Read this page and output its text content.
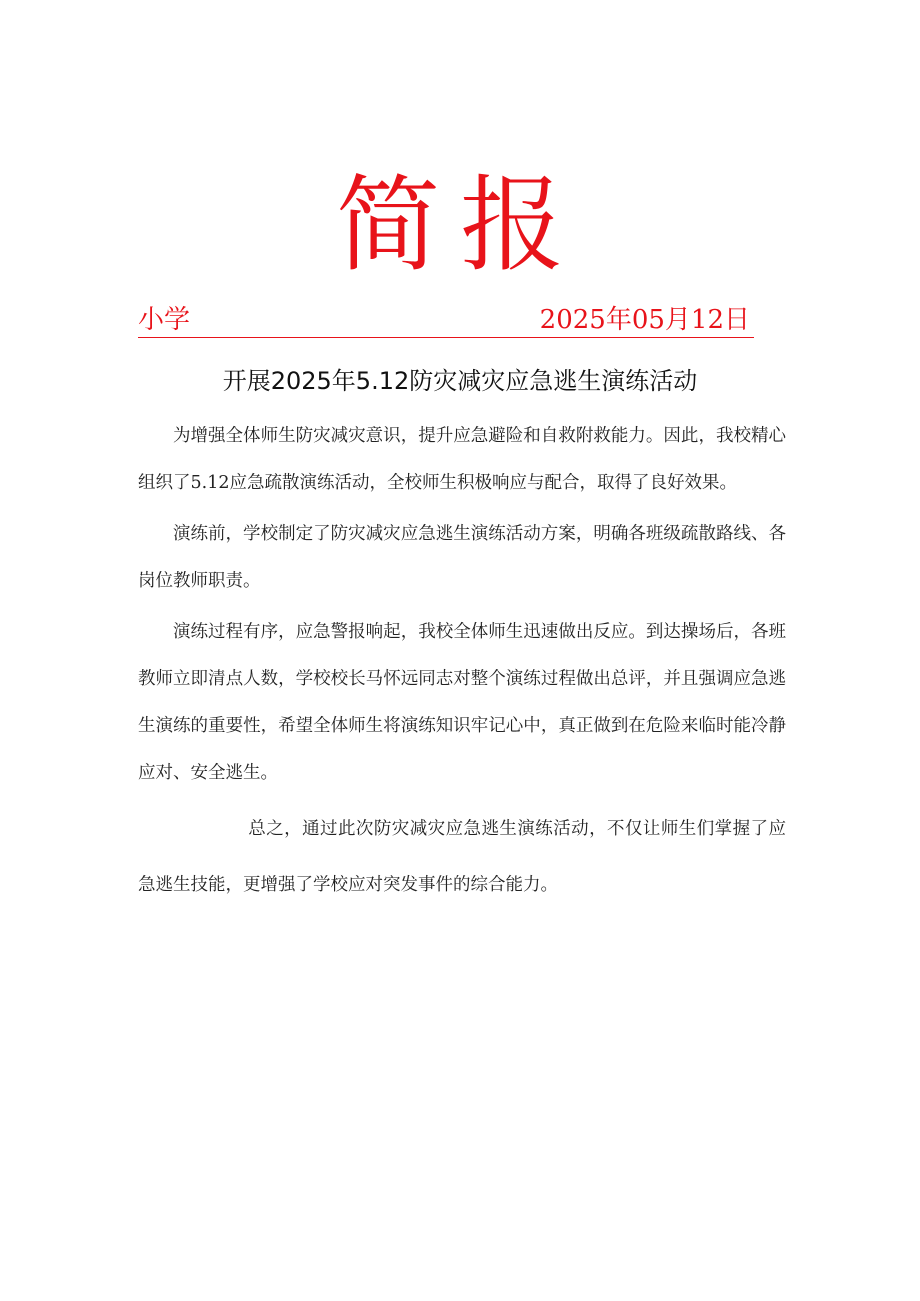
简报
小学	2025年05月12日
开展2025年5.12防灾减灾应急逃生演练活动

为增强全体师生防灾减灾意识，提升应急避险和自救附救能力。因此，我校精心组织了5.12应急疏散演练活动，全校师生积极响应与配合，取得了良好效果。

演练前，学校制定了防灾减灾应急逃生演练活动方案，明确各班级疏散路线、各岗位教师职责。

演练过程有序，应急警报响起，我校全体师生迅速做出反应。到达操场后，各班教师立即清点人数，学校校长马怀远同志对整个演练过程做出总评，并且强调应急逃生演练的重要性，希望全体师生将演练知识牢记心中，真正做到在危险来临时能冷静应对、安全逃生。

总之，通过此次防灾减灾应急逃生演练活动，不仅让师生们掌握了应急逃生技能，更增强了学校应对突发事件的综合能力。
